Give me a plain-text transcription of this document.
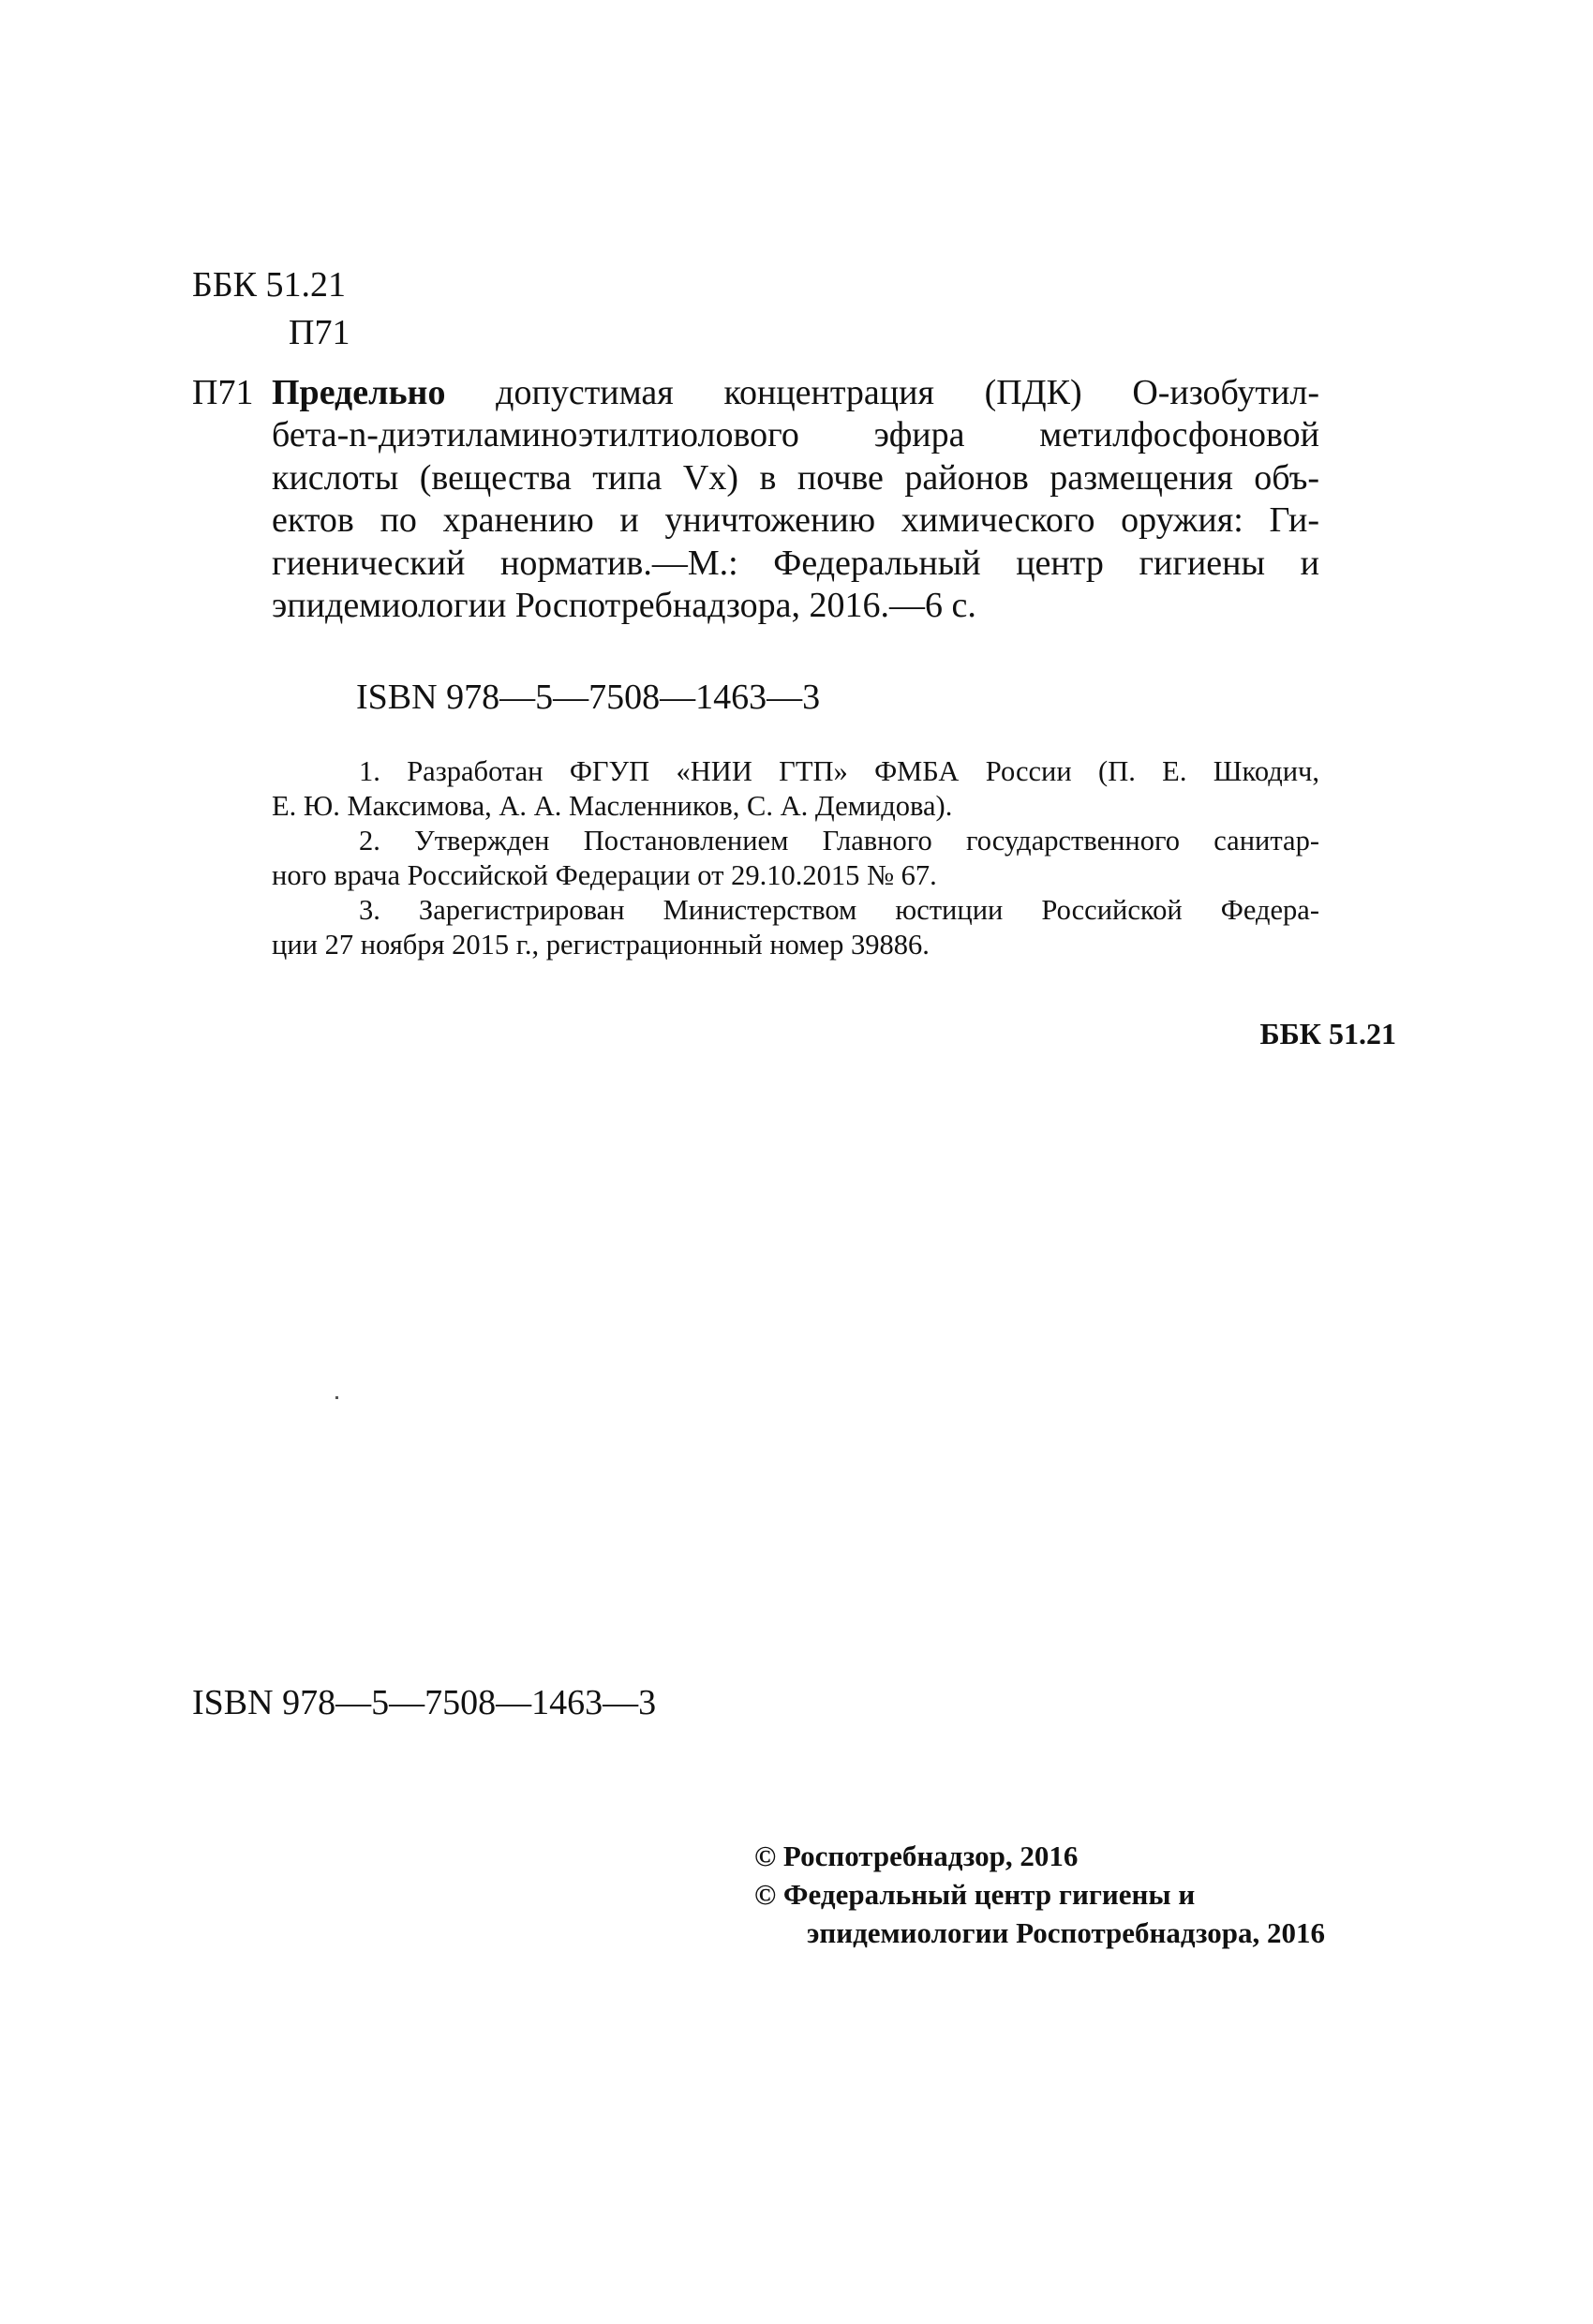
ББК 51.21
П71
П71 Предельно допустимая концентрация (ПДК) О-изобутил-
бета-n-диэтиламиноэтилтиолового эфира метилфосфоновой
кислоты (вещества типа Vx) в почве районов размещения объ-
ектов по хранению и уничтожению химического оружия: Ги-
гиенический норматив.—М.: Федеральный центр гигиены и
эпидемиологии Роспотребнадзора, 2016.—6 с.
ISBN 978—5—7508—1463—3
1. Разработан ФГУП «НИИ ГТП» ФМБА России (П. Е. Шкодич,
Е. Ю. Максимова, А. А. Масленников, С. А. Демидова).
2. Утвержден Постановлением Главного государственного санитар-
ного врача Российской Федерации от 29.10.2015 № 67.
3. Зарегистрирован Министерством юстиции Российской Федера-
ции 27 ноября 2015 г., регистрационный номер 39886.
ББК 51.21
ISBN 978—5—7508—1463—3
© Роспотребнадзор, 2016
© Федеральный центр гигиены и
эпидемиологии Роспотребнадзора, 2016
